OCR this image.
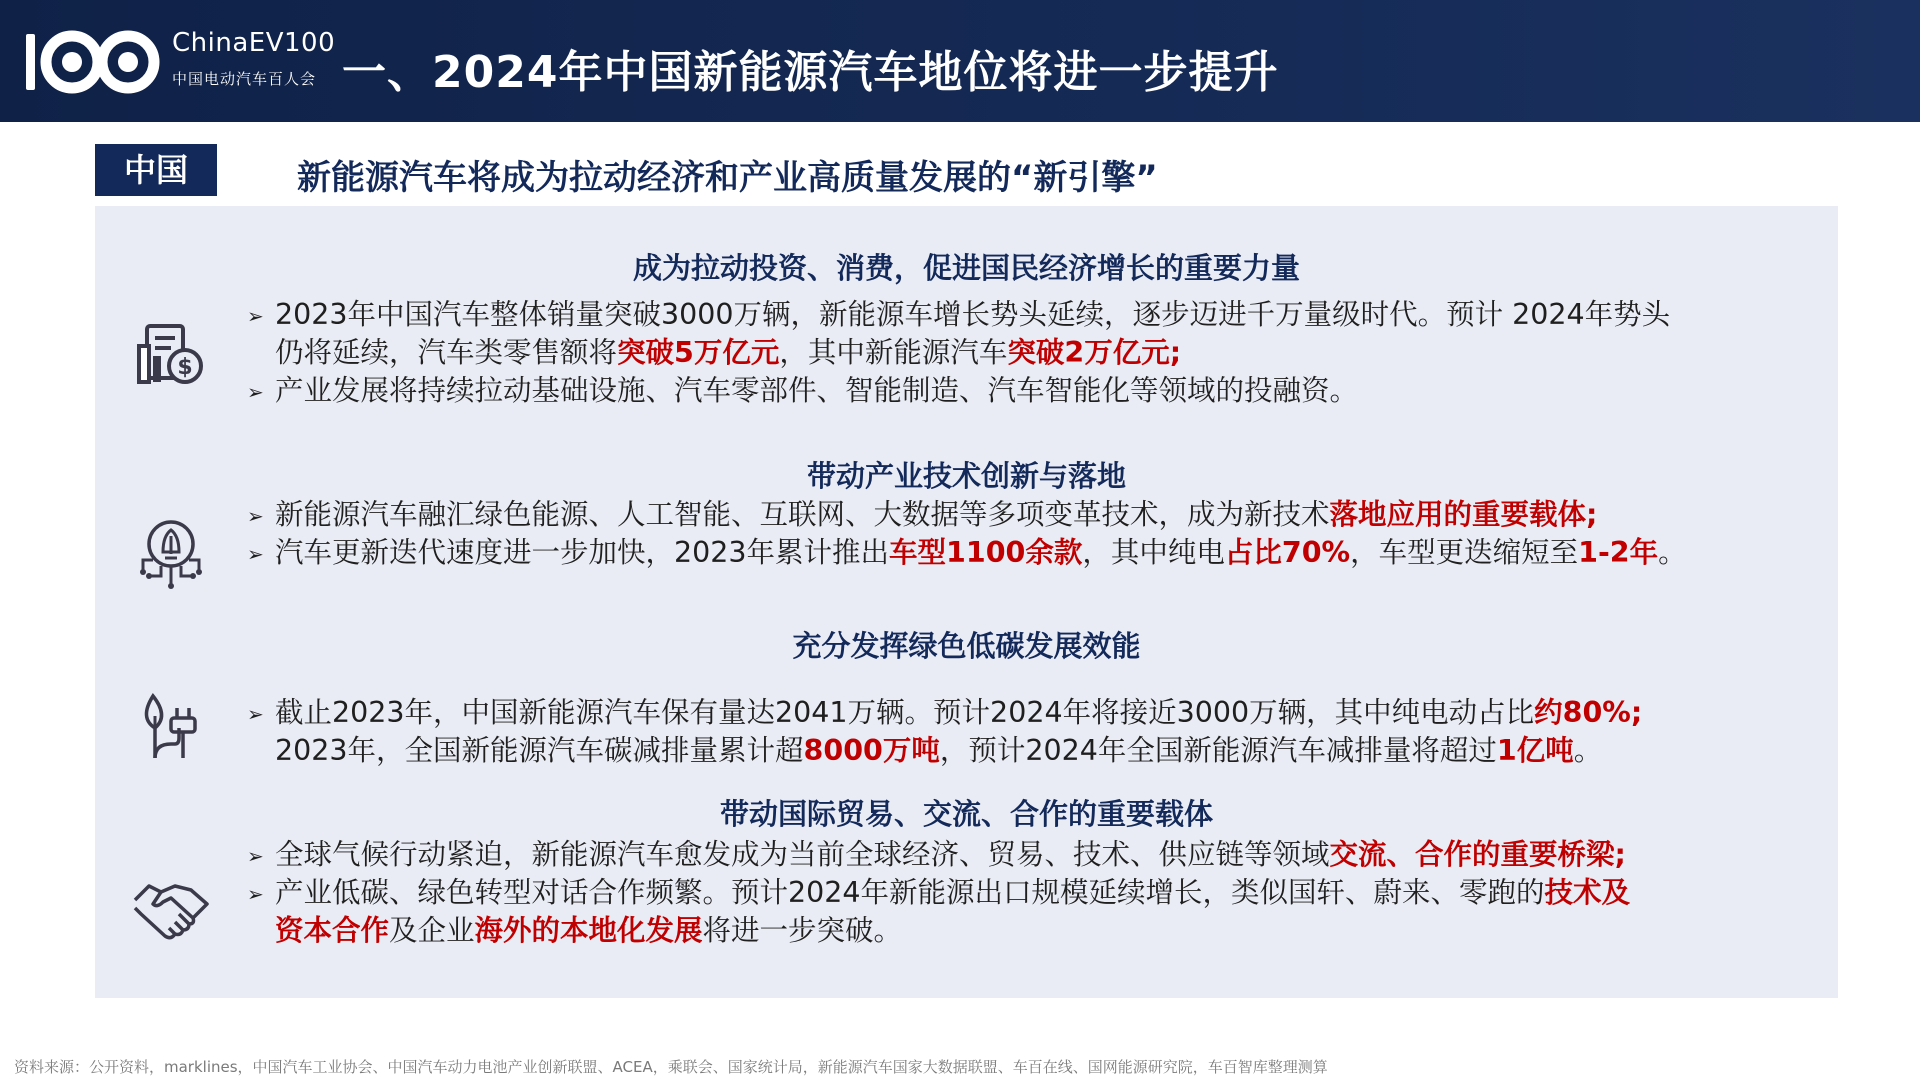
ChinaEV100
中国电动汽车百人会 一、2024年中国新能源汽车地位将进一步提升
中国	新能源汽车将成为拉动经济和产业高质量发展的“新引擎”
成为拉动投资、消费，促进国民经济增长的重要力量
$
➢ 2023年中国汽车整体销量突破3000万辆，新能源车增长势头延续，逐步迈进千万量级时代。预计 2024年势头
仍将延续，汽车类零售额将突破5万亿元，其中新能源汽车突破2万亿元;
➢ 产业发展将持续拉动基础设施、汽车零部件、智能制造、汽车智能化等领域的投融资。
带动产业技术创新与落地
➢ 新能源汽车融汇绿色能源、人工智能、互联网、大数据等多项变革技术，成为新技术落地应用的重要载体;
➢ 汽车更新迭代速度进一步加快，2023年累计推出车型1100余款，其中纯电占比70%，车型更迭缩短至1-2年。
充分发挥绿色低碳发展效能
➢ 截止2023年，中国新能源汽车保有量达2041万辆。预计2024年将接近3000万辆，其中纯电动占比约80%;
2023年，全国新能源汽车碳减排量累计超8000万吨，预计2024年全国新能源汽车减排量将超过1亿吨。
带动国际贸易、交流、合作的重要载体
➢ 全球气候行动紧迫，新能源汽车愈发成为当前全球经济、贸易、技术、供应链等领域交流、合作的重要桥梁;
➢ 产业低碳、绿色转型对话合作频繁。预计2024年新能源出口规模延续增长，类似国轩、蔚来、零跑的技术及
资本合作及企业海外的本地化发展将进一步突破。
资料来源：公开资料，marklines，中国汽车工业协会、中国汽车动力电池产业创新联盟、ACEA，乘联会、国家统计局，新能源汽车国家大数据联盟、车百在线、国网能源研究院，车百智库整理测算
